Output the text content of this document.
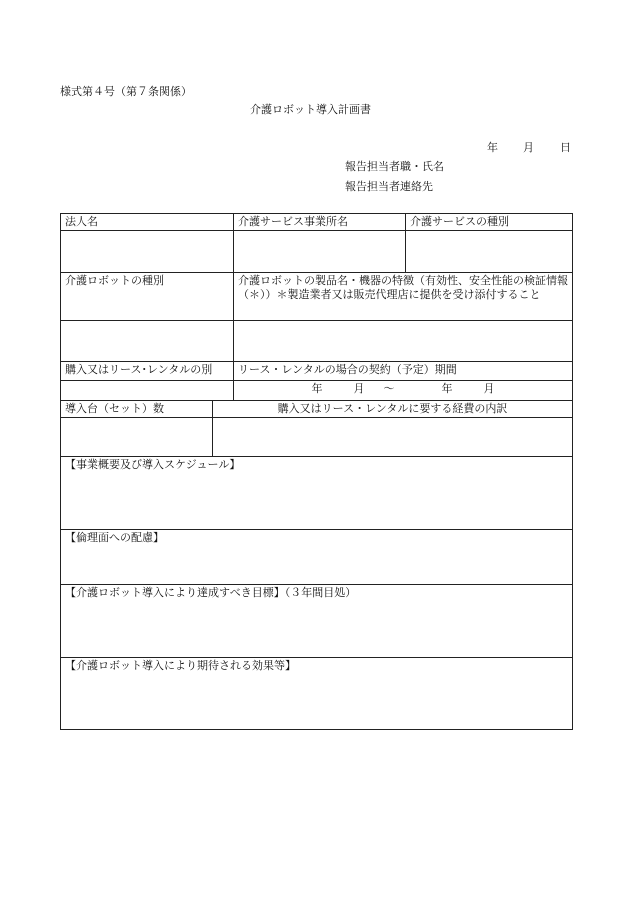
様式第４号（第７条関係）
介護ロボット導入計画書
年 月 日
報告担当者職・氏名
報告担当者連絡先
法人名		介護サービス事業所名	介護サービスの種別

介護ロボットの種別		介護ロボットの製品名・機器の特徴（有効性、安全性能の検証情報（＊））＊製造業者又は販売代理店に提供を受け添付すること	

購入又はリース･レンタルの別		リース・レンタルの場合の契約（予定）期間	
		年 月 ～ 年 月	
導入台（セット）数	購入又はリース・レンタルに要する経費の内訳		

【事業概要及び導入スケジュール】			
【倫理面への配慮】			
【介護ロボット導入により達成すべき目標】（３年間目処）			
【介護ロボット導入により期待される効果等】			
